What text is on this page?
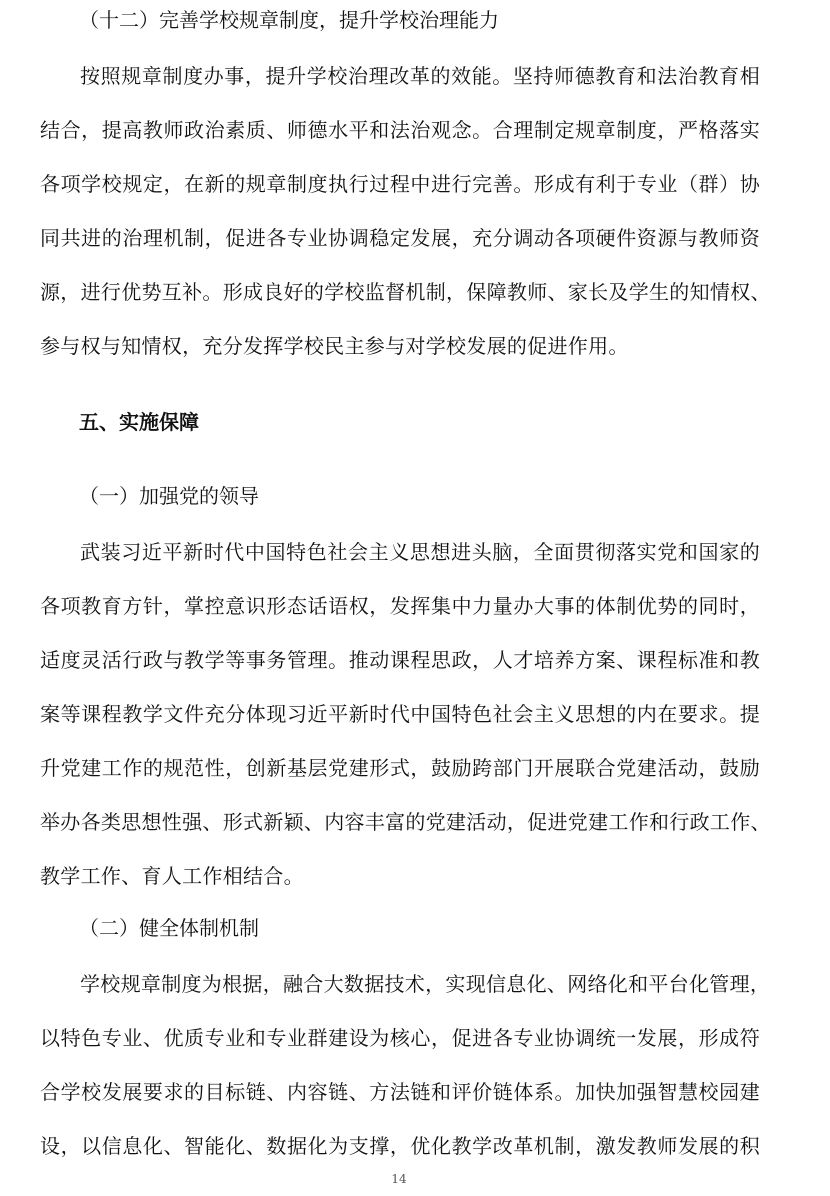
（十二）完善学校规章制度，提升学校治理能力
按照规章制度办事，提升学校治理改革的效能。坚持师德教育和法治教育相
结合，提高教师政治素质、师德水平和法治观念。合理制定规章制度，严格落实
各项学校规定，在新的规章制度执行过程中进行完善。形成有利于专业（群）协
同共进的治理机制，促进各专业协调稳定发展，充分调动各项硬件资源与教师资
源，进行优势互补。形成良好的学校监督机制，保障教师、家长及学生的知情权、
参与权与知情权，充分发挥学校民主参与对学校发展的促进作用。
五、实施保障
（一）加强党的领导
武装习近平新时代中国特色社会主义思想进头脑，全面贯彻落实党和国家的
各项教育方针，掌控意识形态话语权，发挥集中力量办大事的体制优势的同时，
适度灵活行政与教学等事务管理。推动课程思政，人才培养方案、课程标准和教
案等课程教学文件充分体现习近平新时代中国特色社会主义思想的内在要求。提
升党建工作的规范性，创新基层党建形式，鼓励跨部门开展联合党建活动，鼓励
举办各类思想性强、形式新颖、内容丰富的党建活动，促进党建工作和行政工作、
教学工作、育人工作相结合。
（二）健全体制机制
学校规章制度为根据，融合大数据技术，实现信息化、网络化和平台化管理，
以特色专业、优质专业和专业群建设为核心，促进各专业协调统一发展，形成符
合学校发展要求的目标链、内容链、方法链和评价链体系。加快加强智慧校园建
设，以信息化、智能化、数据化为支撑，优化教学改革机制，激发教师发展的积
14
